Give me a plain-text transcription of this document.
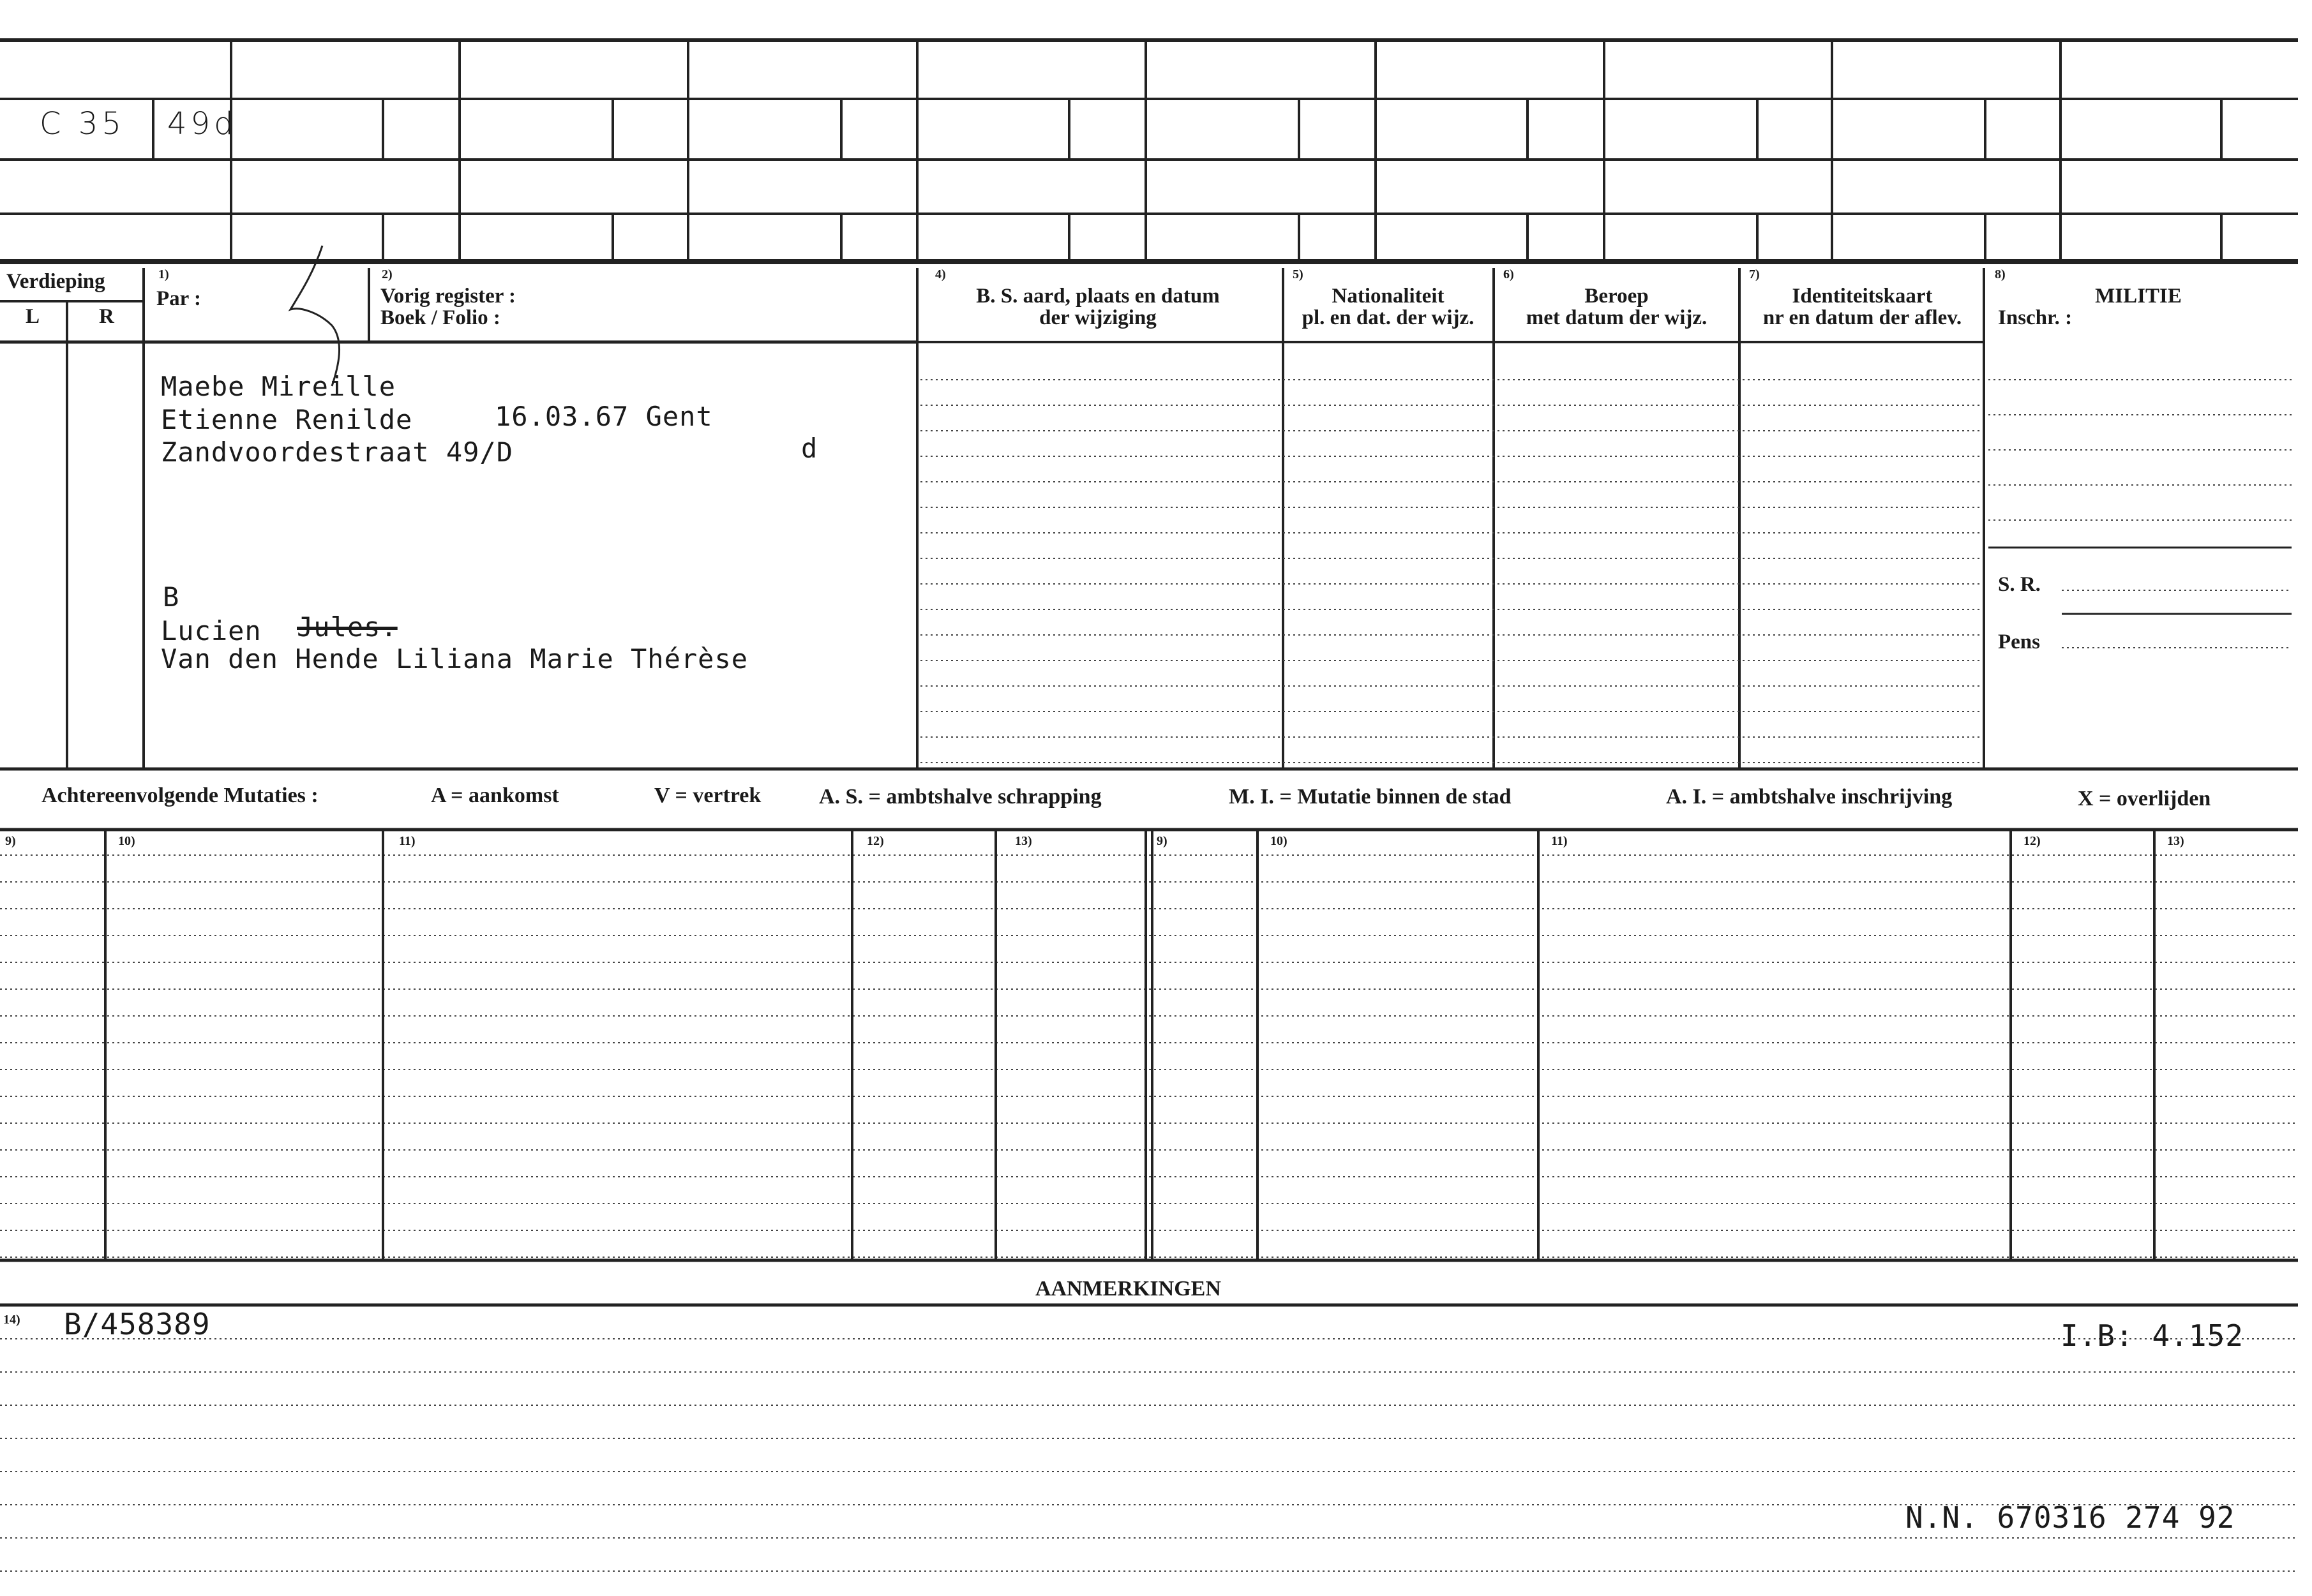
C 35 49d
Verdieping
L	R
1)
Par :
2)
Vorig register :
Boek / Folio :
4)
B. S. aard, plaats en datum
der wijziging
5)
Nationaliteit
pl. en dat. der wijz.
6)
Beroep
met datum der wijz.
7)
Identiteitskaart
nr en datum der aflev.
8)
MILITIE
Inschr. :
S. R.
Pens
Maebe Mireille
Etienne Renilde	16.03.67 Gent
Zandvoordestraat 49/D	d
B
Lucien Jules.
Van den Hende Liliana Marie Thérèse
Achtereenvolgende Mutaties :	A = aankomst	V = vertrek	A. S. = ambtshalve schrapping	M. I. = Mutatie binnen de stad	A. I. = ambtshalve inschrijving	X = overlijden
9)	10)	11)	12)	13)	9)	10)	11)	12)	13)
AANMERKINGEN
14) B/458389	I.B: 4.152
N.N. 670316 274 92
